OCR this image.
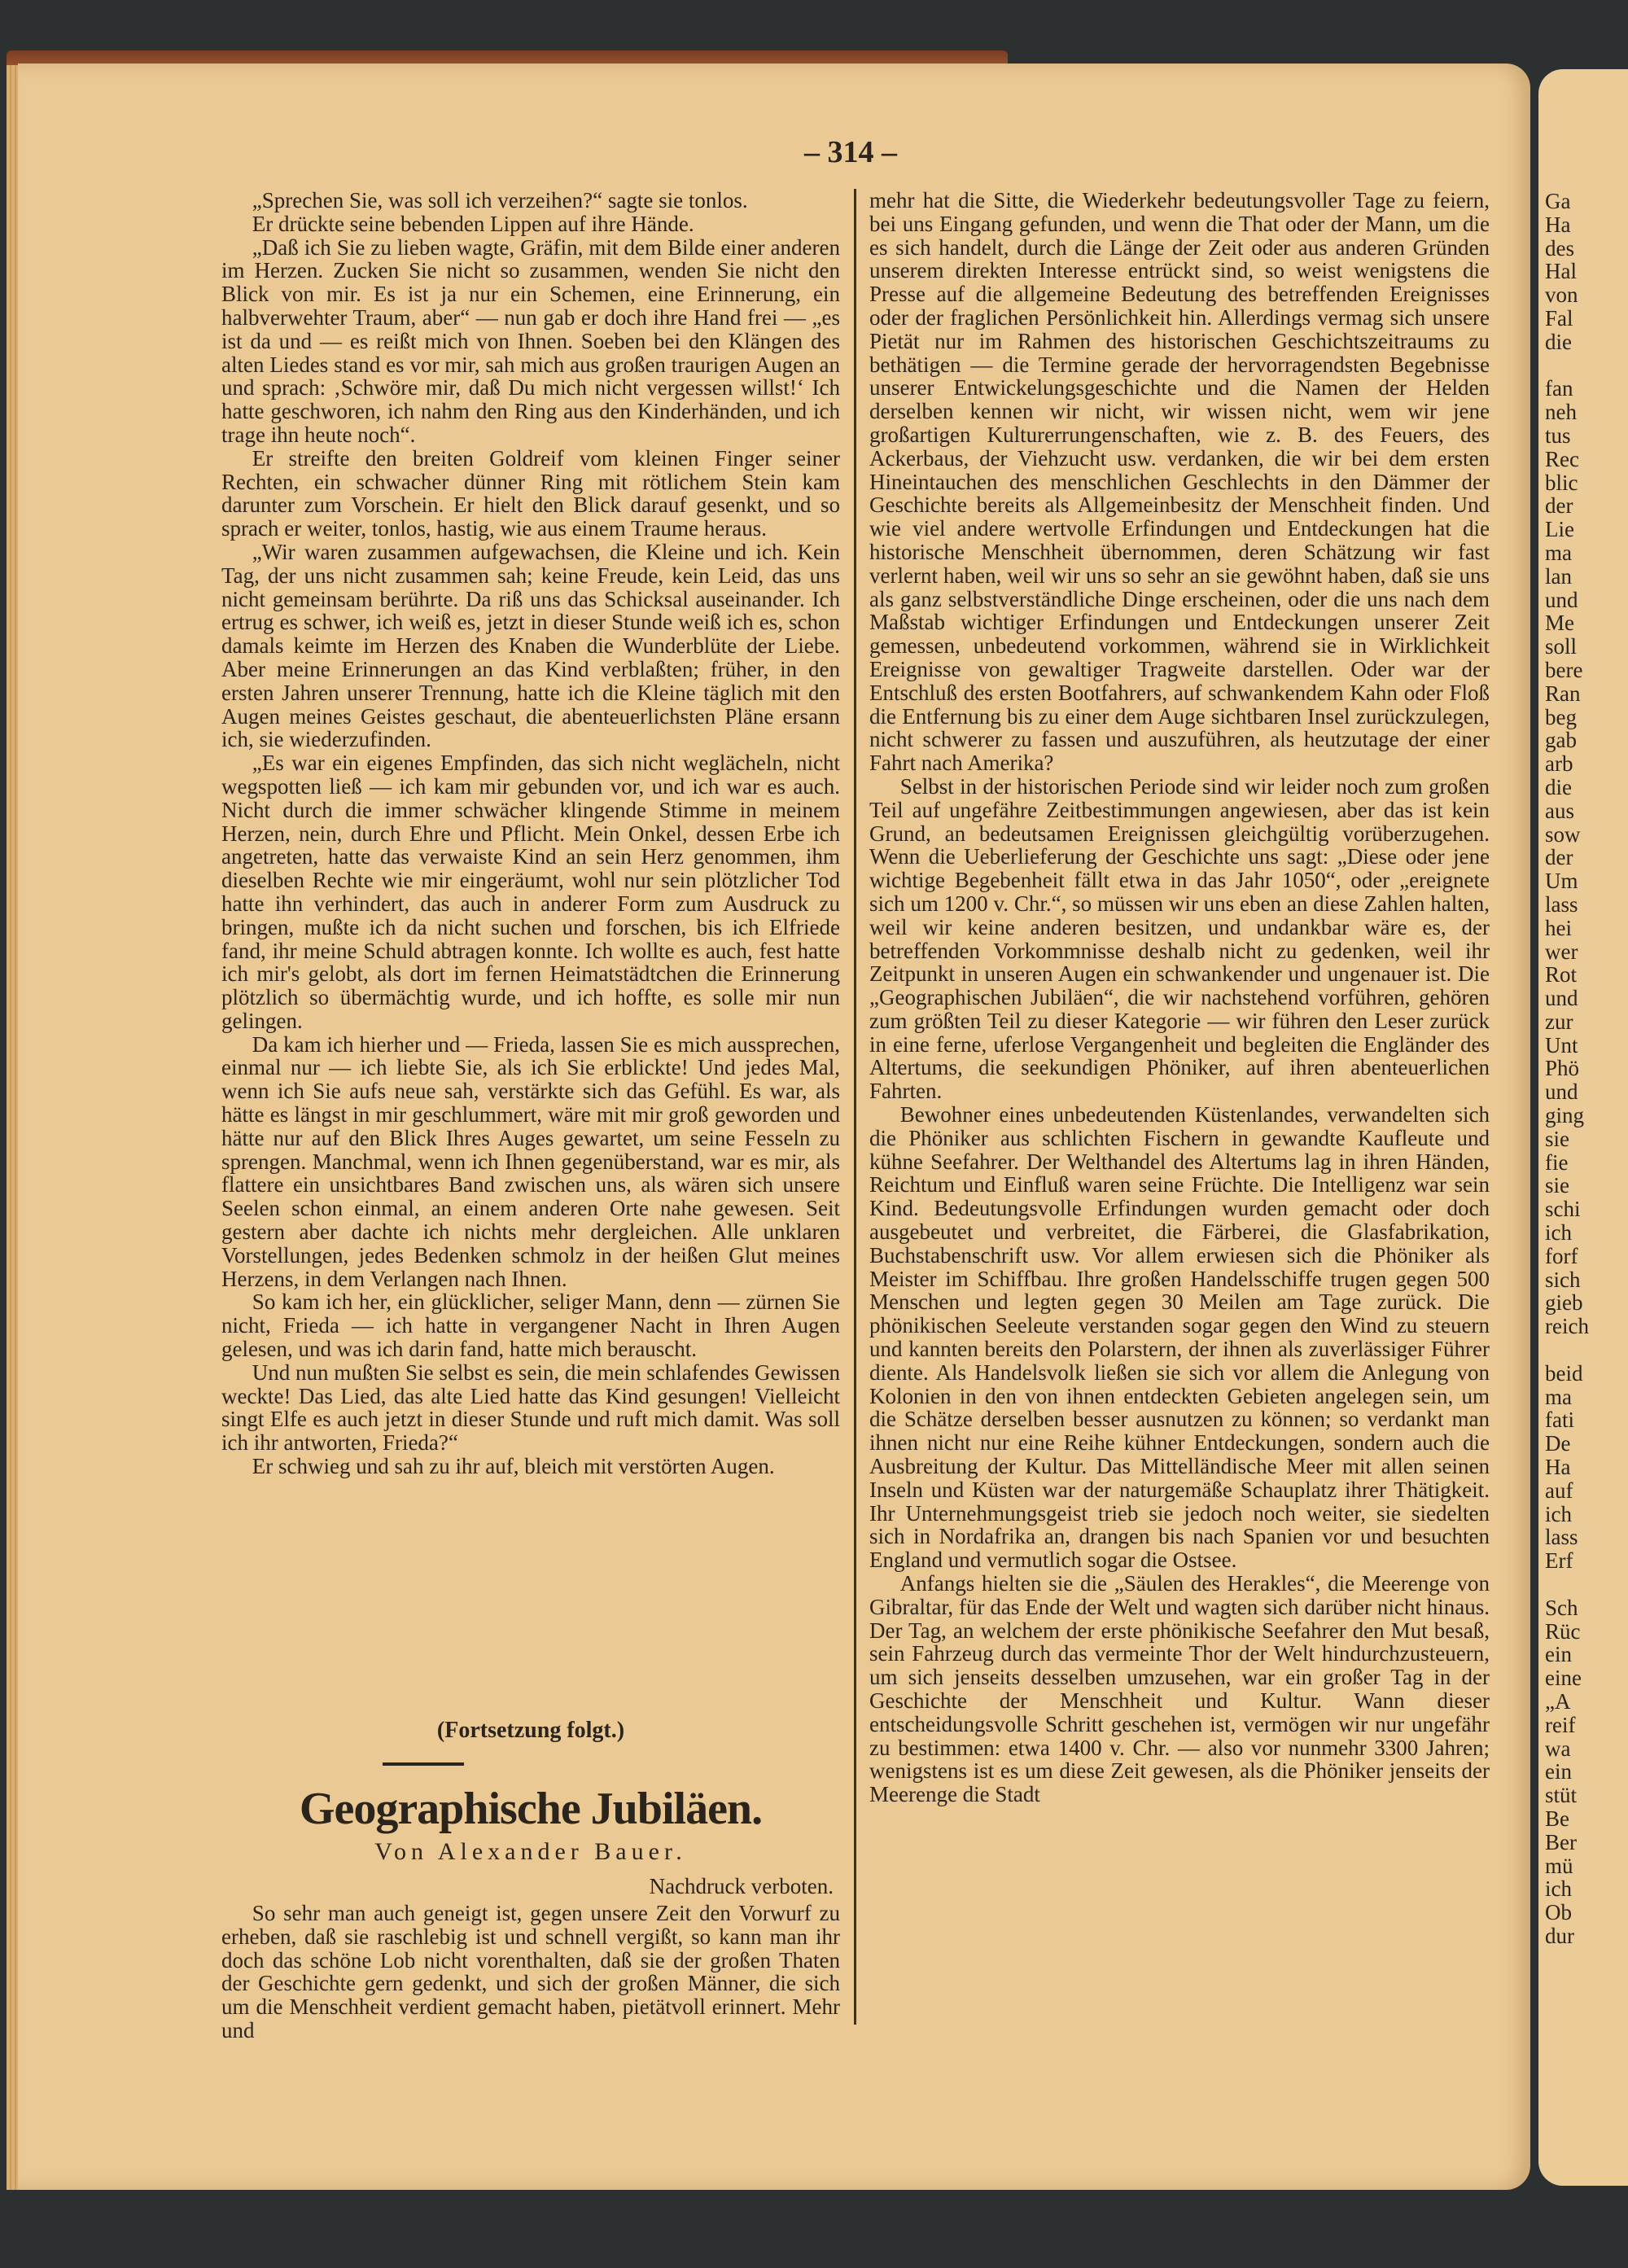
Ga
Ha
des
Hal
von
Fal
die

fan
neh
tus
Rec
blic
der
Lie
ma
lan
und
Me
soll
bere
Ran
beg
gab
arb
die
aus
sow
der
Um
lass
hei
wer
Rot
und
zur
Unt
Phö
und
ging
sie
fie
sie
schi
ich
forf
sich
gieb
reich

beid
ma
fati
De
Ha
auf
ich
lass
Erf

Sch
Rüc
ein
eine
„A
reif
wa
ein
stüt
Be
Ber
mü
ich
Ob
dur
– 314 –

„Sprechen Sie, was soll ich verzeihen?“ sagte sie tonlos.

Er drückte seine bebenden Lippen auf ihre Hände.

„Daß ich Sie zu lieben wagte, Gräfin, mit dem Bilde einer anderen im Herzen. Zucken Sie nicht so zusammen, wenden Sie nicht den Blick von mir. Es ist ja nur ein Schemen, eine Erinnerung, ein halbverwehter Traum, aber“ — nun gab er doch ihre Hand frei — „es ist da und — es reißt mich von Ihnen. Soeben bei den Klängen des alten Liedes stand es vor mir, sah mich aus großen traurigen Augen an und sprach: ‚Schwöre mir, daß Du mich nicht vergessen willst!‘ Ich hatte geschworen, ich nahm den Ring aus den Kinderhänden, und ich trage ihn heute noch“.

Er streifte den breiten Goldreif vom kleinen Finger seiner Rechten, ein schwacher dünner Ring mit rötlichem Stein kam darunter zum Vorschein. Er hielt den Blick darauf gesenkt, und so sprach er weiter, tonlos, hastig, wie aus einem Traume heraus.

„Wir waren zusammen aufgewachsen, die Kleine und ich. Kein Tag, der uns nicht zusammen sah; keine Freude, kein Leid, das uns nicht gemeinsam berührte. Da riß uns das Schicksal auseinander. Ich ertrug es schwer, ich weiß es, jetzt in dieser Stunde weiß ich es, schon damals keimte im Herzen des Knaben die Wunderblüte der Liebe. Aber meine Erinnerungen an das Kind verblaßten; früher, in den ersten Jahren unserer Trennung, hatte ich die Kleine täglich mit den Augen meines Geistes geschaut, die abenteuerlichsten Pläne ersann ich, sie wiederzufinden.

„Es war ein eigenes Empfinden, das sich nicht weglächeln, nicht wegspotten ließ — ich kam mir gebunden vor, und ich war es auch. Nicht durch die immer schwächer klingende Stimme in meinem Herzen, nein, durch Ehre und Pflicht. Mein Onkel, dessen Erbe ich angetreten, hatte das verwaiste Kind an sein Herz genommen, ihm dieselben Rechte wie mir eingeräumt, wohl nur sein plötzlicher Tod hatte ihn verhindert, das auch in anderer Form zum Ausdruck zu bringen, mußte ich da nicht suchen und forschen, bis ich Elfriede fand, ihr meine Schuld abtragen konnte. Ich wollte es auch, fest hatte ich mir's gelobt, als dort im fernen Heimatstädtchen die Erinnerung plötzlich so übermächtig wurde, und ich hoffte, es solle mir nun gelingen.

Da kam ich hierher und — Frieda, lassen Sie es mich aussprechen, einmal nur — ich liebte Sie, als ich Sie erblickte! Und jedes Mal, wenn ich Sie aufs neue sah, verstärkte sich das Gefühl. Es war, als hätte es längst in mir geschlummert, wäre mit mir groß geworden und hätte nur auf den Blick Ihres Auges gewartet, um seine Fesseln zu sprengen. Manchmal, wenn ich Ihnen gegenüberstand, war es mir, als flattere ein unsichtbares Band zwischen uns, als wären sich unsere Seelen schon einmal, an einem anderen Orte nahe gewesen. Seit gestern aber dachte ich nichts mehr dergleichen. Alle unklaren Vorstellungen, jedes Bedenken schmolz in der heißen Glut meines Herzens, in dem Verlangen nach Ihnen.

So kam ich her, ein glücklicher, seliger Mann, denn — zürnen Sie nicht, Frieda — ich hatte in vergangener Nacht in Ihren Augen gelesen, und was ich darin fand, hatte mich berauscht.

Und nun mußten Sie selbst es sein, die mein schlafendes Gewissen weckte! Das Lied, das alte Lied hatte das Kind gesungen! Vielleicht singt Elfe es auch jetzt in dieser Stunde und ruft mich damit. Was soll ich ihr antworten, Frieda?“

Er schwieg und sah zu ihr auf, bleich mit verstörten Augen.

(Fortsetzung folgt.)
Geographische Jubiläen.
Von Alexander Bauer.
Nachdruck verboten.

So sehr man auch geneigt ist, gegen unsere Zeit den Vorwurf zu erheben, daß sie raschlebig ist und schnell vergißt, so kann man ihr doch das schöne Lob nicht vorenthalten, daß sie der großen Thaten der Geschichte gern gedenkt, und sich der großen Männer, die sich um die Menschheit verdient gemacht haben, pietätvoll erinnert. Mehr und

mehr hat die Sitte, die Wiederkehr bedeutungsvoller Tage zu feiern, bei uns Eingang gefunden, und wenn die That oder der Mann, um die es sich handelt, durch die Länge der Zeit oder aus anderen Gründen unserem direkten Interesse entrückt sind, so weist wenigstens die Presse auf die allgemeine Bedeutung des betreffenden Ereignisses oder der fraglichen Persönlichkeit hin. Allerdings vermag sich unsere Pietät nur im Rahmen des historischen Geschichtszeitraums zu bethätigen — die Termine gerade der hervorragendsten Begebnisse unserer Entwickelungsgeschichte und die Namen der Helden derselben kennen wir nicht, wir wissen nicht, wem wir jene großartigen Kulturerrungenschaften, wie z. B. des Feuers, des Ackerbaus, der Viehzucht usw. verdanken, die wir bei dem ersten Hineintauchen des menschlichen Geschlechts in den Dämmer der Geschichte bereits als Allgemeinbesitz der Menschheit finden. Und wie viel andere wertvolle Erfindungen und Entdeckungen hat die historische Menschheit übernommen, deren Schätzung wir fast verlernt haben, weil wir uns so sehr an sie gewöhnt haben, daß sie uns als ganz selbstverständliche Dinge erscheinen, oder die uns nach dem Maßstab wichtiger Erfindungen und Entdeckungen unserer Zeit gemessen, unbedeutend vorkommen, während sie in Wirklichkeit Ereignisse von gewaltiger Tragweite darstellen. Oder war der Entschluß des ersten Bootfahrers, auf schwankendem Kahn oder Floß die Entfernung bis zu einer dem Auge sichtbaren Insel zurückzulegen, nicht schwerer zu fassen und auszuführen, als heutzutage der einer Fahrt nach Amerika?

Selbst in der historischen Periode sind wir leider noch zum großen Teil auf ungefähre Zeitbestimmungen angewiesen, aber das ist kein Grund, an bedeutsamen Ereignissen gleichgültig vorüberzugehen. Wenn die Ueberlieferung der Geschichte uns sagt: „Diese oder jene wichtige Begebenheit fällt etwa in das Jahr 1050“, oder „ereignete sich um 1200 v. Chr.“, so müssen wir uns eben an diese Zahlen halten, weil wir keine anderen besitzen, und undankbar wäre es, der betreffenden Vorkommnisse deshalb nicht zu gedenken, weil ihr Zeitpunkt in unseren Augen ein schwankender und ungenauer ist. Die „Geographischen Jubiläen“, die wir nachstehend vorführen, gehören zum größten Teil zu dieser Kategorie — wir führen den Leser zurück in eine ferne, uferlose Vergangenheit und begleiten die Engländer des Altertums, die seekundigen Phöniker, auf ihren abenteuerlichen Fahrten.

Bewohner eines unbedeutenden Küstenlandes, verwandelten sich die Phöniker aus schlichten Fischern in gewandte Kaufleute und kühne Seefahrer. Der Welthandel des Altertums lag in ihren Händen, Reichtum und Einfluß waren seine Früchte. Die Intelligenz war sein Kind. Bedeutungsvolle Erfindungen wurden gemacht oder doch ausgebeutet und verbreitet, die Färberei, die Glasfabrikation, Buchstabenschrift usw. Vor allem erwiesen sich die Phöniker als Meister im Schiffbau. Ihre großen Handelsschiffe trugen gegen 500 Menschen und legten gegen 30 Meilen am Tage zurück. Die phönikischen Seeleute verstanden sogar gegen den Wind zu steuern und kannten bereits den Polarstern, der ihnen als zuverlässiger Führer diente. Als Handelsvolk ließen sie sich vor allem die Anlegung von Kolonien in den von ihnen entdeckten Gebieten angelegen sein, um die Schätze derselben besser ausnutzen zu können; so verdankt man ihnen nicht nur eine Reihe kühner Entdeckungen, sondern auch die Ausbreitung der Kultur. Das Mittelländische Meer mit allen seinen Inseln und Küsten war der naturgemäße Schauplatz ihrer Thätigkeit. Ihr Unternehmungsgeist trieb sie jedoch noch weiter, sie siedelten sich in Nordafrika an, drangen bis nach Spanien vor und besuchten England und vermutlich sogar die Ostsee.

Anfangs hielten sie die „Säulen des Herakles“, die Meerenge von Gibraltar, für das Ende der Welt und wagten sich darüber nicht hinaus. Der Tag, an welchem der erste phönikische Seefahrer den Mut besaß, sein Fahrzeug durch das vermeinte Thor der Welt hindurchzusteuern, um sich jenseits desselben umzusehen, war ein großer Tag in der Geschichte der Menschheit und Kultur. Wann dieser entscheidungsvolle Schritt geschehen ist, vermögen wir nur ungefähr zu bestimmen: etwa 1400 v. Chr. — also vor nunmehr 3300 Jahren; wenigstens ist es um diese Zeit gewesen, als die Phöniker jenseits der Meerenge die Stadt
